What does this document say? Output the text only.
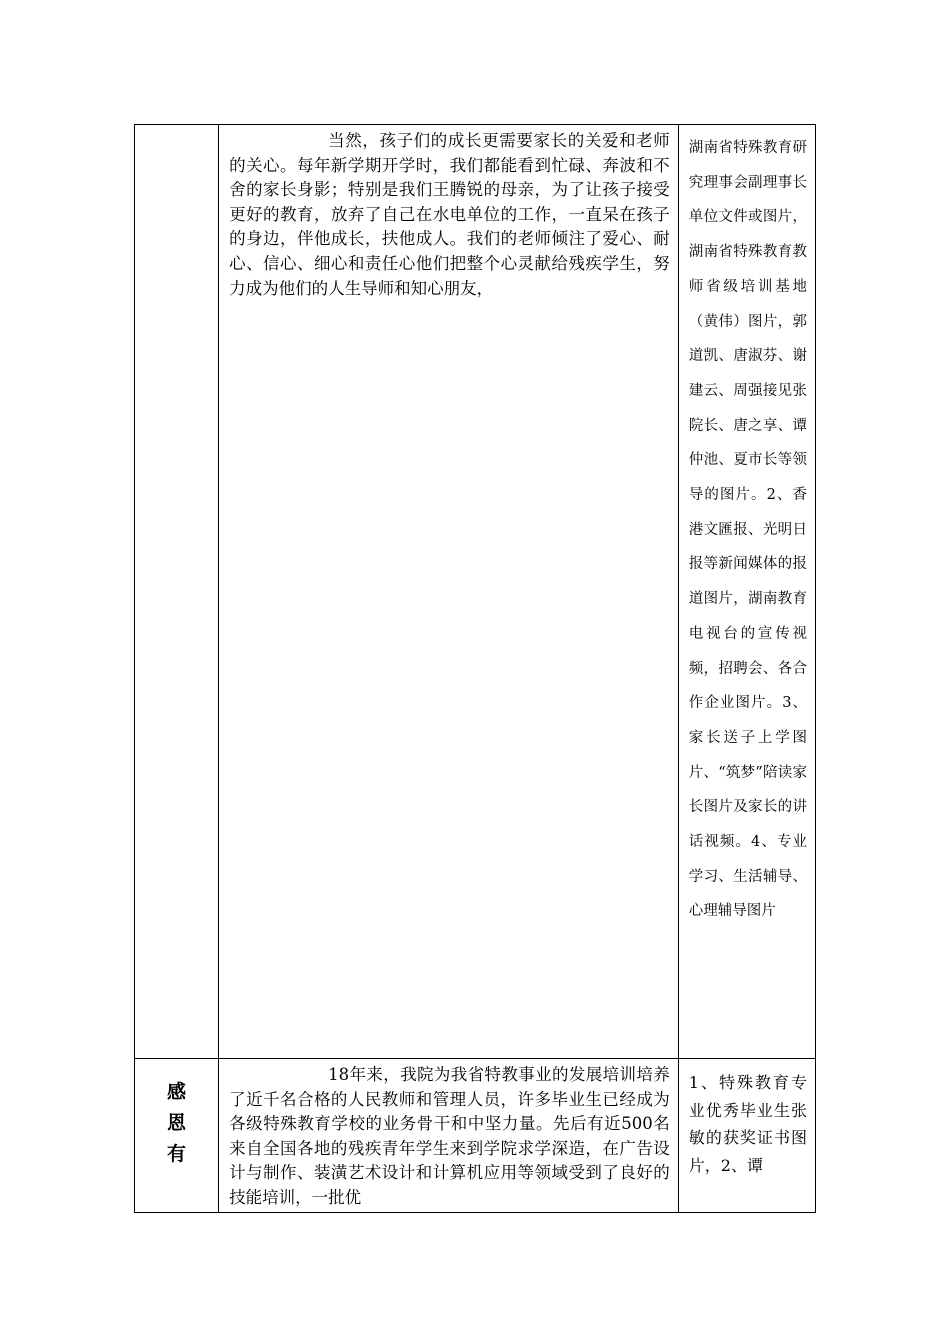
	当然，孩子们的成长更需要家长的关爱和老师的关心。每年新学期开学时，我们都能看到忙碌、奔波和不舍的家长身影；特别是我们王腾锐的母亲，为了让孩子接受更好的教育，放弃了自己在水电单位的工作，一直呆在孩子的身边，伴他成长，扶他成人。我们的老师倾注了爱心、耐心、信心、细心和责任心他们把整个心灵献给残疾学生，努力成为他们的人生导师和知心朋友，	湖南省特殊教育研究理事会副理事长单位文件或图片，湖南省特殊教育教师省级培训基地（黄伟）图片，郭道凯、唐淑芬、谢建云、周强接见张院长、唐之享、谭仲池、夏市长等领导的图片。2、香港文匯报、光明日报等新闻媒体的报道图片，湖南教育电视台的宣传视频，招聘会、各合作企业图片。3、家长送子上学图片、“筑梦”陪读家长图片及家长的讲话视频。4、专业学习、生活辅导、心理辅导图片

感
恩
有	18年来，我院为我省特教事业的发展培训培养了近千名合格的人民教师和管理人员，许多毕业生已经成为各级特殊教育学校的业务骨干和中坚力量。先后有近500名来自全国各地的残疾青年学生来到学院求学深造，在广告设计与制作、装潢艺术设计和计算机应用等领域受到了良好的技能培训，一批优	1、特殊教育专业优秀毕业生张敏的获奖证书图片，2、谭
